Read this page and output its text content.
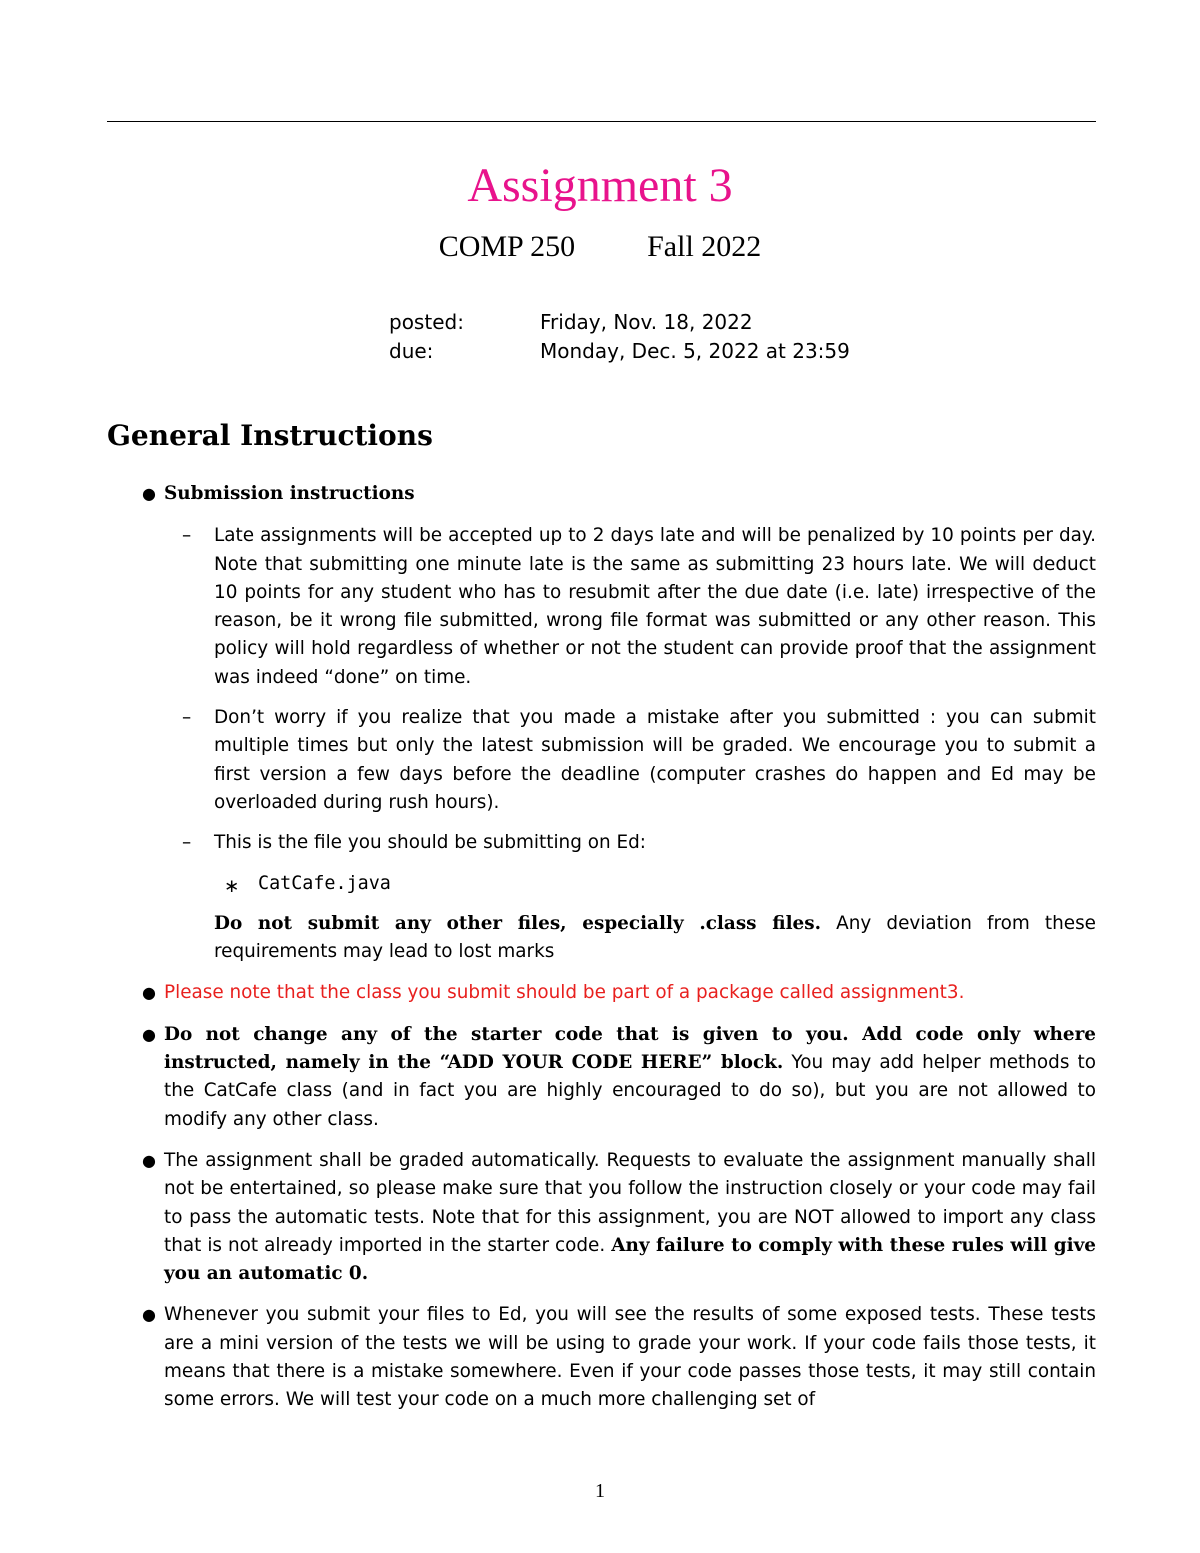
Assignment 3
COMP 250 Fall 2022
posted:	Friday, Nov. 18, 2022
due:	Monday, Dec. 5, 2022 at 23:59
General Instructions
● Submission instructions
– Late assignments will be accepted up to 2 days late and will be penalized by 10 points per day. Note that submitting one minute late is the same as submitting 23 hours late. We will deduct 10 points for any student who has to resubmit after the due date (i.e. late) irrespective of the reason, be it wrong file submitted, wrong file format was submitted or any other reason. This policy will hold regardless of whether or not the student can provide proof that the assignment was indeed “done” on time.
– Don’t worry if you realize that you made a mistake after you submitted : you can submit multiple times but only the latest submission will be graded. We encourage you to submit a first version a few days before the deadline (computer crashes do happen and Ed may be overloaded during rush hours).
– This is the file you should be submitting on Ed:
∗ CatCafe.java
Do not submit any other files, especially .class files. Any deviation from these requirements may lead to lost marks
● Please note that the class you submit should be part of a package called assignment3.
● Do not change any of the starter code that is given to you. Add code only where instructed, namely in the “ADD YOUR CODE HERE” block. You may add helper methods to the CatCafe class (and in fact you are highly encouraged to do so), but you are not allowed to modify any other class.
● The assignment shall be graded automatically. Requests to evaluate the assignment manually shall not be entertained, so please make sure that you follow the instruction closely or your code may fail to pass the automatic tests. Note that for this assignment, you are NOT allowed to import any class that is not already imported in the starter code. Any failure to comply with these rules will give you an automatic 0.
● Whenever you submit your files to Ed, you will see the results of some exposed tests. These tests are a mini version of the tests we will be using to grade your work. If your code fails those tests, it means that there is a mistake somewhere. Even if your code passes those tests, it may still contain some errors. We will test your code on a much more challenging set of
1
